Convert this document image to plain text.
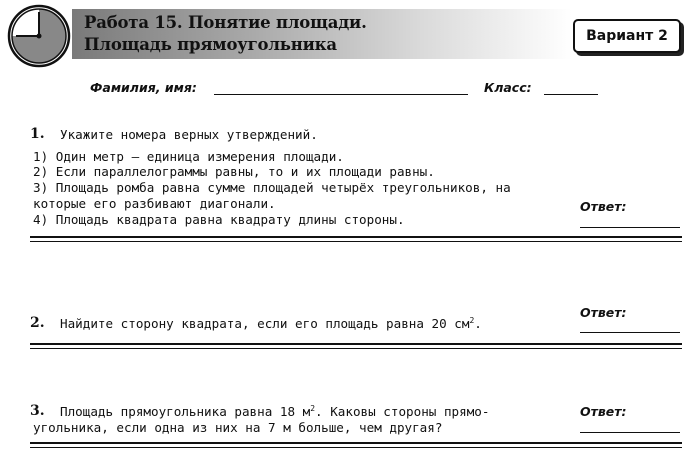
Работа 15. Понятие площади.
Площадь прямоугольника	Вариант 2
Фамилия, имя:	Класс:
1. Укажите номера верных утверждений.
1) Один метр — единица измерения площади.
2) Если параллелограммы равны, то и их площади равны.
3) Площадь ромба равна сумме площадей четырёх треугольников, на
которые его разбивают диагонали.
4) Площадь квадрата равна квадрату длины стороны.
Ответ:
Ответ:
2. Найдите сторону квадрата, если его площадь равна 20 $см^2$.
3. Площадь прямоугольника равна 18 $м^2$. Каковы стороны прямо-
угольника, если одна из них на 7 м больше, чем другая?
Ответ:
